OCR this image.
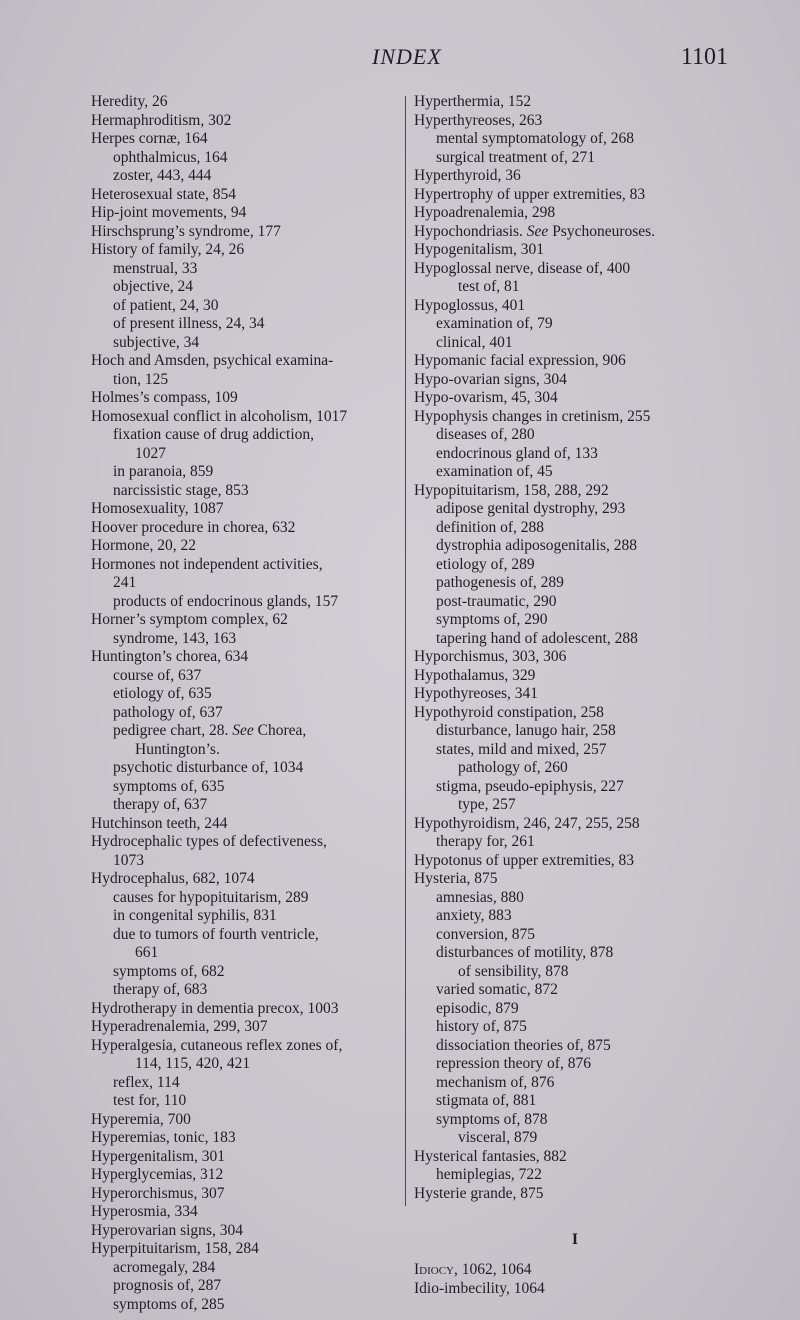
INDEX	1101

Heredity, 26

Hermaphroditism, 302

Herpes cornæ, 164

ophthalmicus, 164

zoster, 443, 444

Heterosexual state, 854

Hip-joint movements, 94

Hirschsprung’s syndrome, 177

History of family, 24, 26

menstrual, 33

objective, 24

of patient, 24, 30

of present illness, 24, 34

subjective, 34

Hoch and Amsden, psychical examina-

tion, 125

Holmes’s compass, 109

Homosexual conflict in alcoholism, 1017

fixation cause of drug addiction,

1027

in paranoia, 859

narcissistic stage, 853

Homosexuality, 1087

Hoover procedure in chorea, 632

Hormone, 20, 22

Hormones not independent activities,

241

products of endocrinous glands, 157

Horner’s symptom complex, 62

syndrome, 143, 163

Huntington’s chorea, 634

course of, 637

etiology of, 635

pathology of, 637

pedigree chart, 28. See Chorea,

Huntington’s.

psychotic disturbance of, 1034

symptoms of, 635

therapy of, 637

Hutchinson teeth, 244

Hydrocephalic types of defectiveness,

1073

Hydrocephalus, 682, 1074

causes for hypopituitarism, 289

in congenital syphilis, 831

due to tumors of fourth ventricle,

661

symptoms of, 682

therapy of, 683

Hydrotherapy in dementia precox, 1003

Hyperadrenalemia, 299, 307

Hyperalgesia, cutaneous reflex zones of,

114, 115, 420, 421

reflex, 114

test for, 110

Hyperemia, 700

Hyperemias, tonic, 183

Hypergenitalism, 301

Hyperglycemias, 312

Hyperorchismus, 307

Hyperosmia, 334

Hyperovarian signs, 304

Hyperpituitarism, 158, 284

acromegaly, 284

prognosis of, 287

symptoms of, 285

Hyperthermia, 152

Hyperthyreoses, 263

mental symptomatology of, 268

surgical treatment of, 271

Hyperthyroid, 36

Hypertrophy of upper extremities, 83

Hypoadrenalemia, 298

Hypochondriasis. See Psychoneuroses.

Hypogenitalism, 301

Hypoglossal nerve, disease of, 400

test of, 81

Hypoglossus, 401

examination of, 79

clinical, 401

Hypomanic facial expression, 906

Hypo-ovarian signs, 304

Hypo-ovarism, 45, 304

Hypophysis changes in cretinism, 255

diseases of, 280

endocrinous gland of, 133

examination of, 45

Hypopituitarism, 158, 288, 292

adipose genital dystrophy, 293

definition of, 288

dystrophia adiposogenitalis, 288

etiology of, 289

pathogenesis of, 289

post-traumatic, 290

symptoms of, 290

tapering hand of adolescent, 288

Hyporchismus, 303, 306

Hypothalamus, 329

Hypothyreoses, 341

Hypothyroid constipation, 258

disturbance, lanugo hair, 258

states, mild and mixed, 257

pathology of, 260

stigma, pseudo-epiphysis, 227

type, 257

Hypothyroidism, 246, 247, 255, 258

therapy for, 261

Hypotonus of upper extremities, 83

Hysteria, 875

amnesias, 880

anxiety, 883

conversion, 875

disturbances of motility, 878

of sensibility, 878

varied somatic, 872

episodic, 879

history of, 875

dissociation theories of, 875

repression theory of, 876

mechanism of, 876

stigmata of, 881

symptoms of, 878

visceral, 879

Hysterical fantasies, 882

hemiplegias, 722

Hysterie grande, 875

I

Idiocy, 1062, 1064

Idio-imbecility, 1064
